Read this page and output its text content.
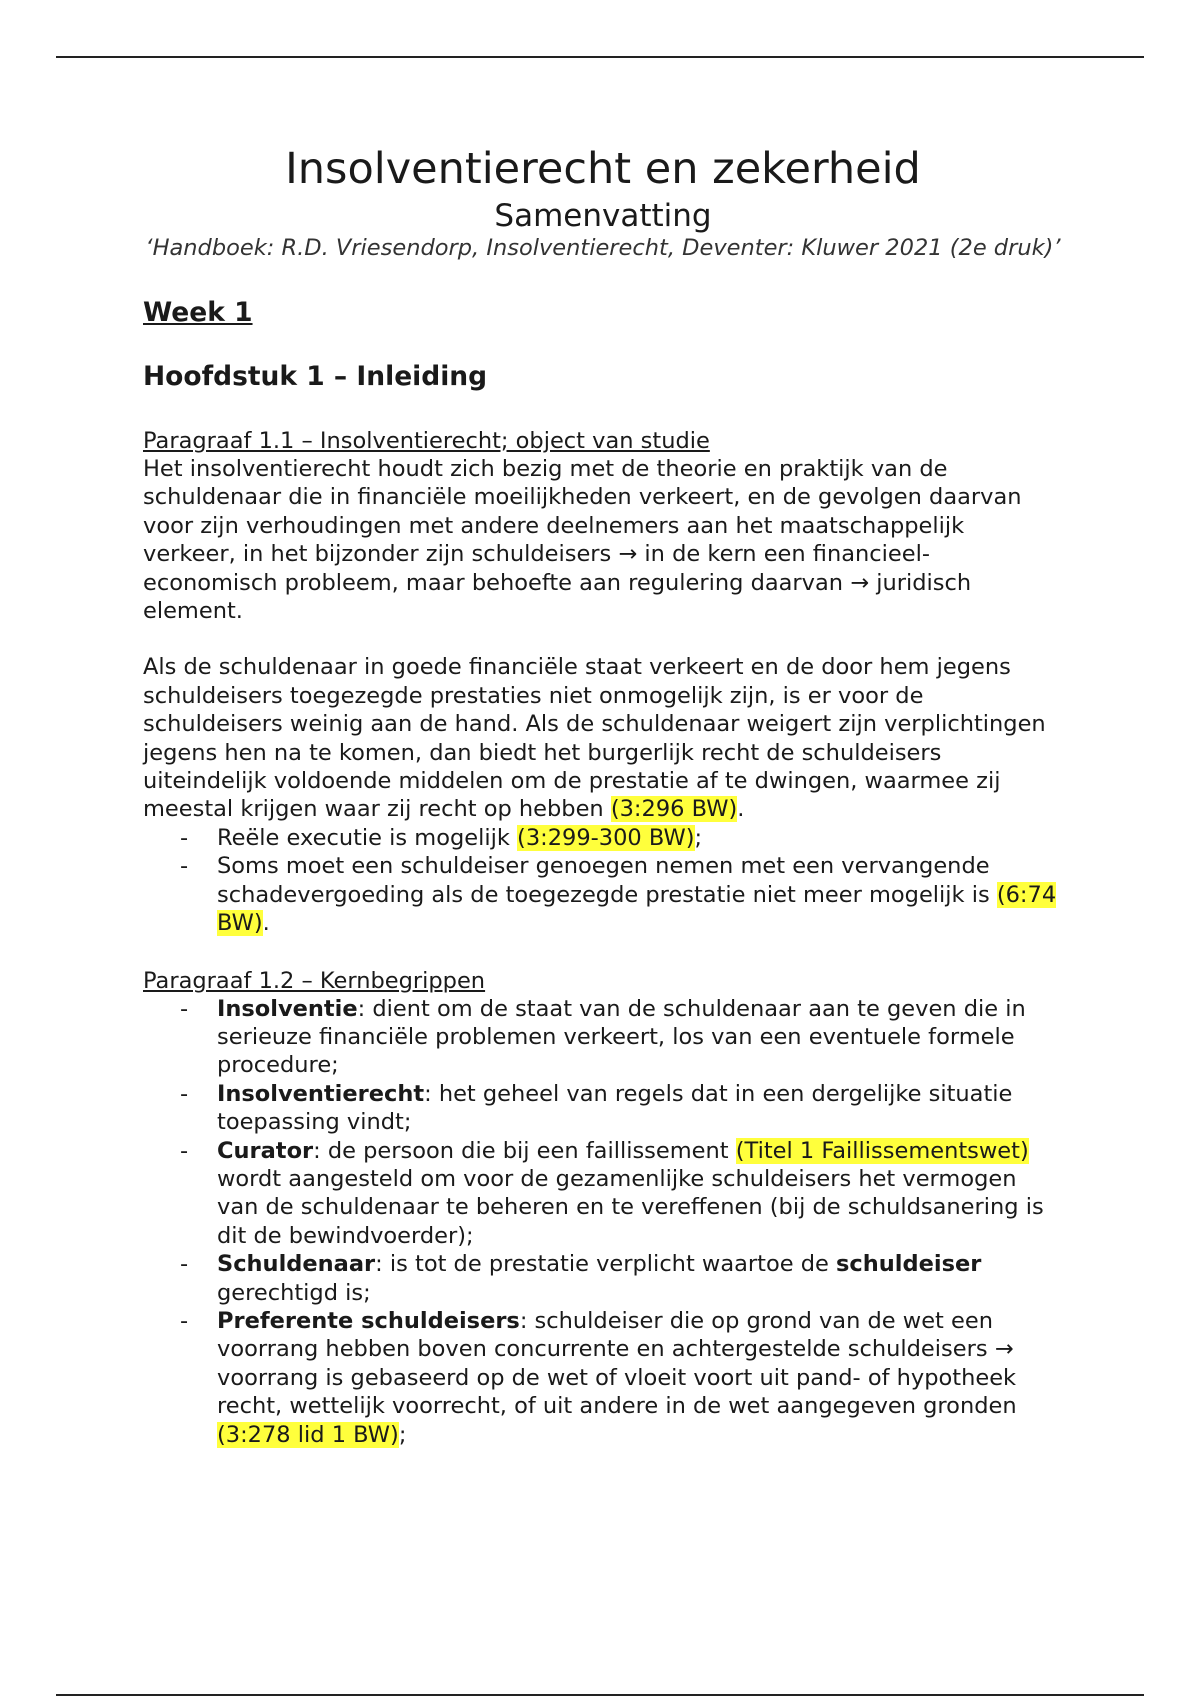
Insolventierecht en zekerheid
Samenvatting
‘Handboek: R.D. Vriesendorp, Insolventierecht, Deventer: Kluwer 2021 (2e druk)’
Week 1
Hoofdstuk 1 – Inleiding
Paragraaf 1.1 – Insolventierecht; object van studie

Het insolventierecht houdt zich bezig met de theorie en praktijk van de schuldenaar die in financiële moeilijkheden verkeert, en de gevolgen daarvan voor zijn verhoudingen met andere deelnemers aan het maatschappelijk verkeer, in het bijzonder zijn schuldeisers → in de kern een financieel-economisch probleem, maar behoefte aan regulering daarvan → juridisch element.

Als de schuldenaar in goede financiële staat verkeert en de door hem jegens schuldeisers toegezegde prestaties niet onmogelijk zijn, is er voor de schuldeisers weinig aan de hand. Als de schuldenaar weigert zijn verplichtingen jegens hen na te komen, dan biedt het burgerlijk recht de schuldeisers uiteindelijk voldoende middelen om de prestatie af te dwingen, waarmee zij meestal krijgen waar zij recht op hebben (3:296 BW).

- Reële executie is mogelijk (3:299-300 BW);
- Soms moet een schuldeiser genoegen nemen met een vervangende schadevergoeding als de toegezegde prestatie niet meer mogelijk is (6:74 BW).
Paragraaf 1.2 – Kernbegrippen
- Insolventie: dient om de staat van de schuldenaar aan te geven die in serieuze financiële problemen verkeert, los van een eventuele formele procedure;
- Insolventierecht: het geheel van regels dat in een dergelijke situatie toepassing vindt;
- Curator: de persoon die bij een faillissement (Titel 1 Faillissementswet) wordt aangesteld om voor de gezamenlijke schuldeisers het vermogen van de schuldenaar te beheren en te vereffenen (bij de schuldsanering is dit de bewindvoerder);
- Schuldenaar: is tot de prestatie verplicht waartoe de schuldeiser gerechtigd is;
- Preferente schuldeisers: schuldeiser die op grond van de wet een voorrang hebben boven concurrente en achtergestelde schuldeisers → voorrang is gebaseerd op de wet of vloeit voort uit pand- of hypotheek recht, wettelijk voorrecht, of uit andere in de wet aangegeven gronden (3:278 lid 1 BW);
